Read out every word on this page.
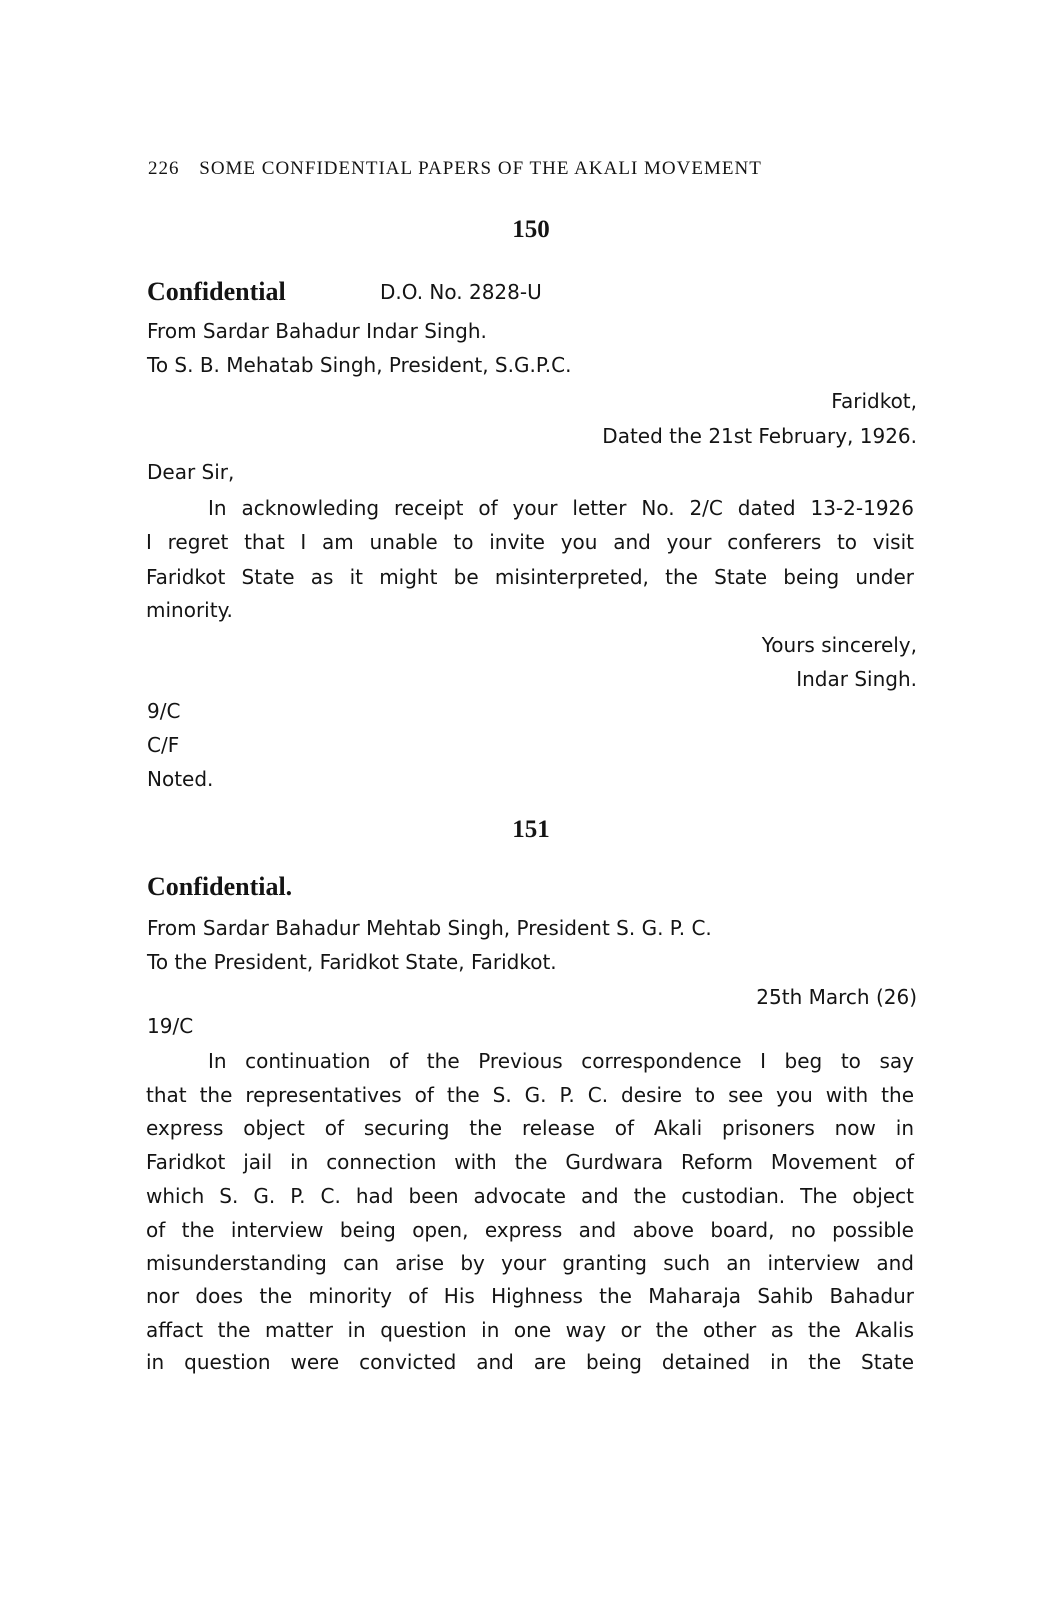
226 SOME CONFIDENTIAL PAPERS OF THE AKALI MOVEMENT
150
Confidential	D.O. No. 2828-U
From Sardar Bahadur Indar Singh.
To S. B. Mehatab Singh, President, S.G.P.C.
Faridkot,
Dated the 21st February, 1926.
Dear Sir,
In acknowleding receipt of your letter No. 2/C dated 13-2-1926
I regret that I am unable to invite you and your conferers to visit
Faridkot State as it might be misinterpreted, the State being under
minority.
Yours sincerely,
Indar Singh.
9/C
C/F
Noted.
151
Confidential.
From Sardar Bahadur Mehtab Singh, President S. G. P. C.
To the President, Faridkot State, Faridkot.
25th March (26)
19/C
In continuation of the Previous correspondence I beg to say
that the representatives of the S. G. P. C. desire to see you with the
express object of securing the release of Akali prisoners now in
Faridkot jail in connection with the Gurdwara Reform Movement of
which S. G. P. C. had been advocate and the custodian. The object
of the interview being open, express and above board, no possible
misunderstanding can arise by your granting such an interview and
nor does the minority of His Highness the Maharaja Sahib Bahadur
affact the matter in question in one way or the other as the Akalis
in question were convicted and are being detained in the State
